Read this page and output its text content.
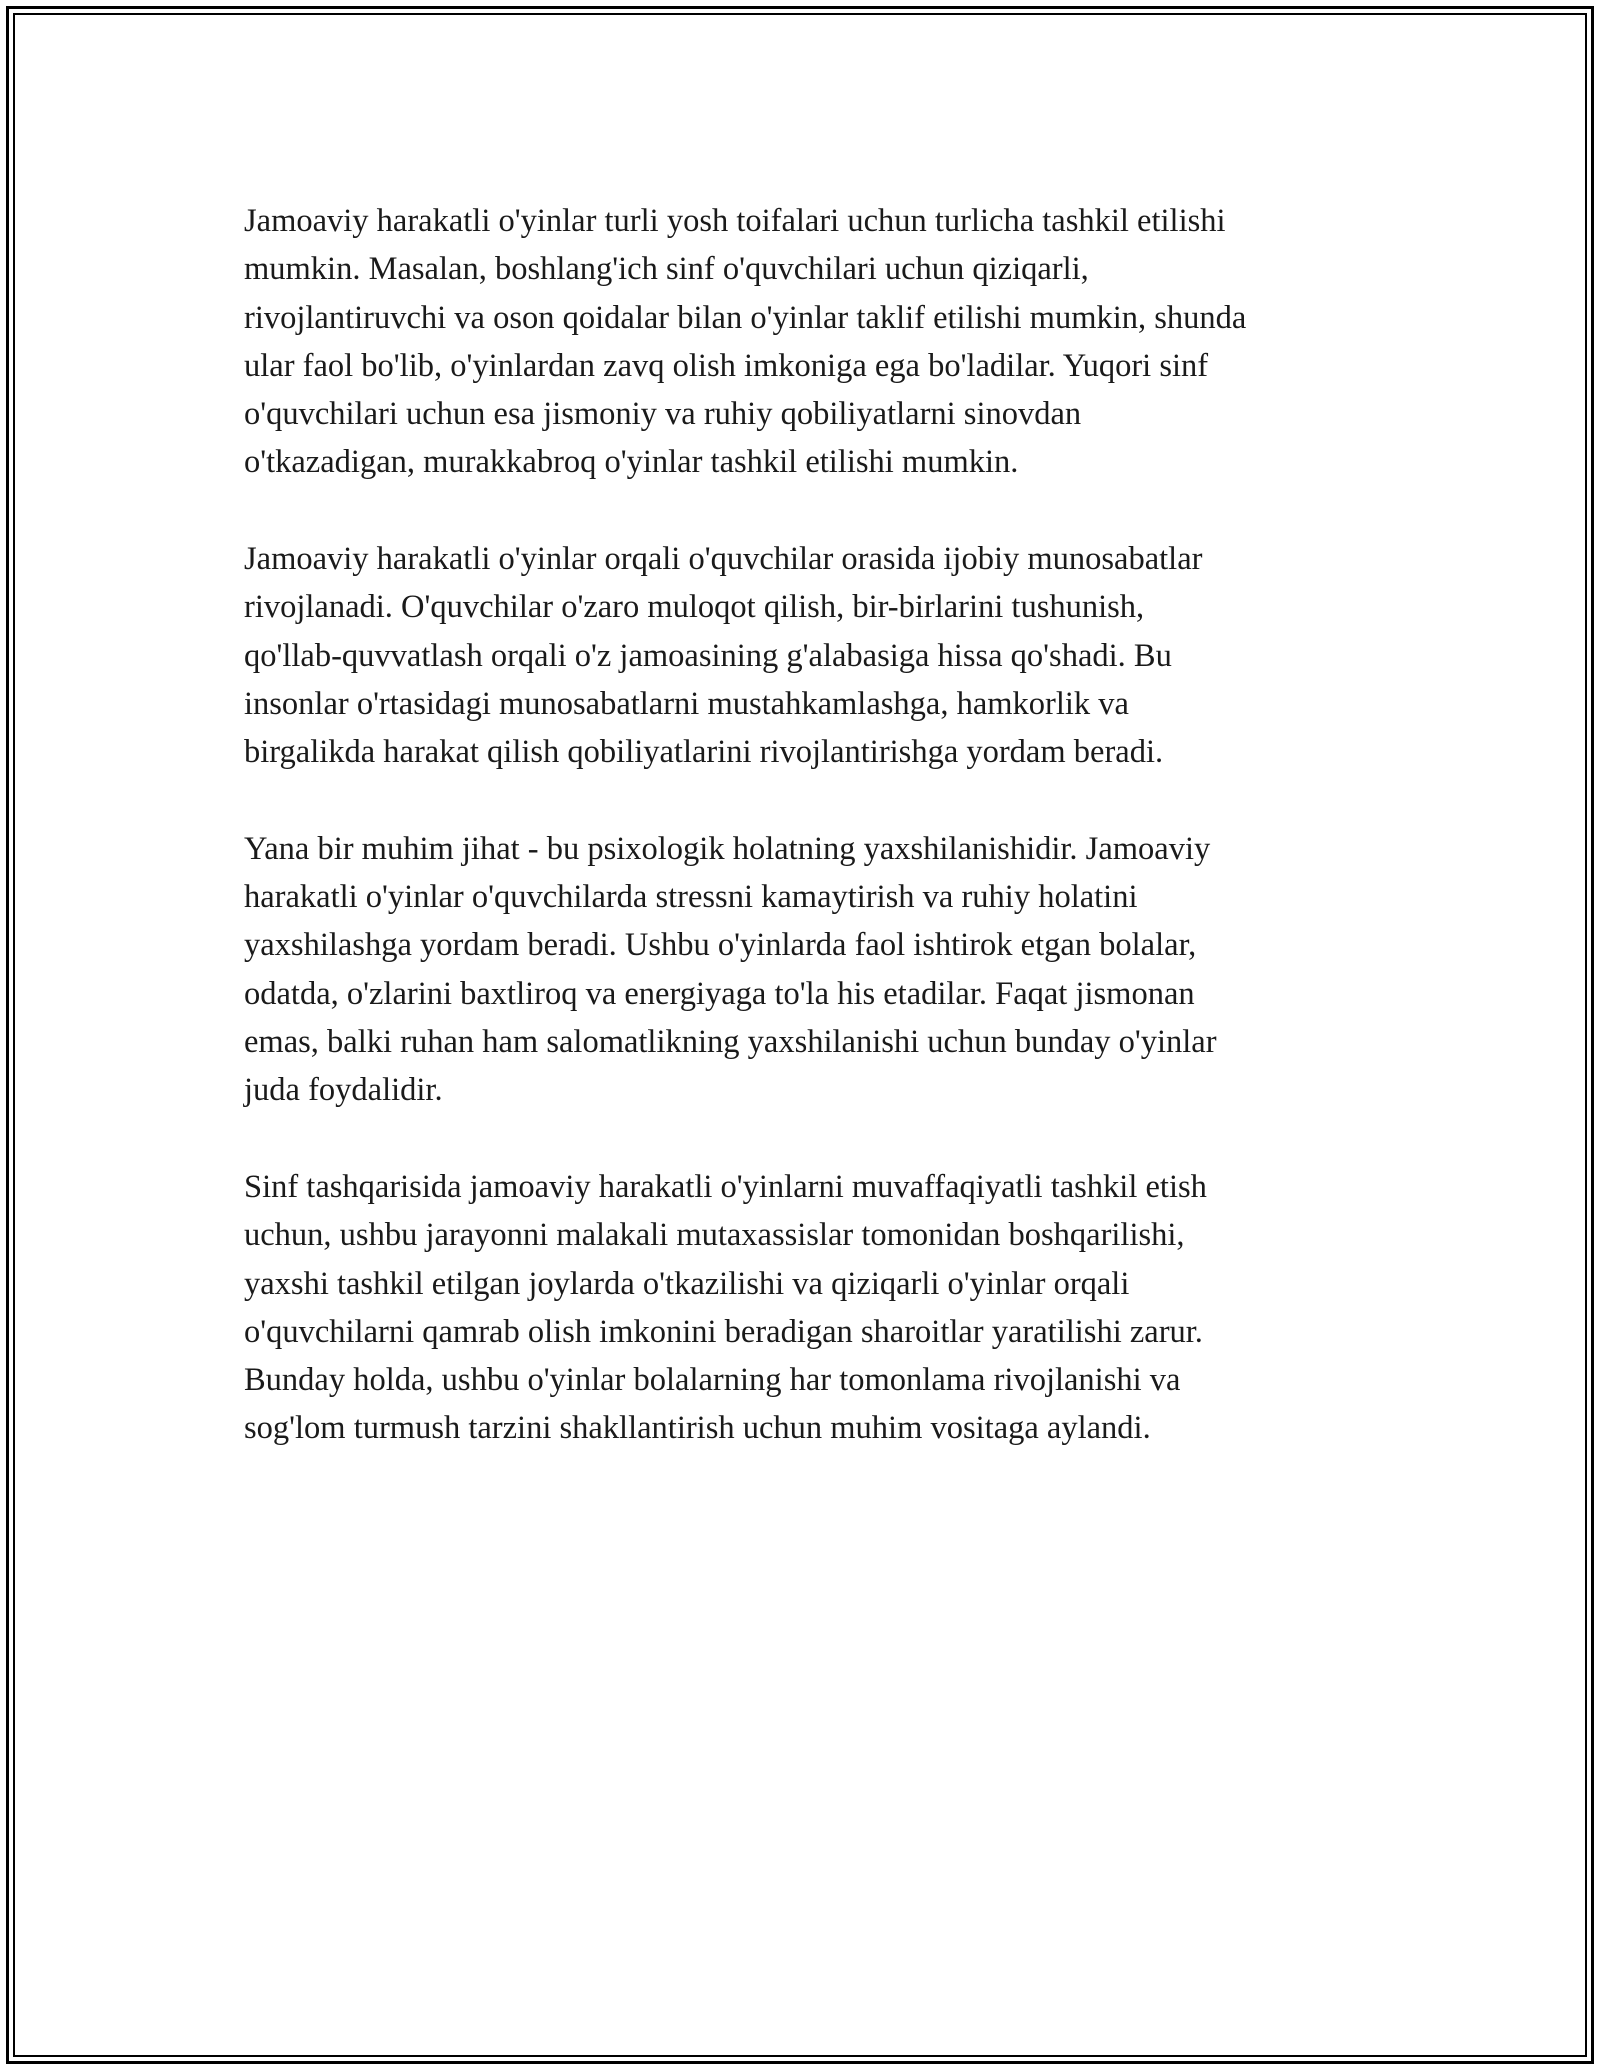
Jamoaviy harakatli o'yinlar turli yosh toifalari uchun turlicha tashkil etilishi
mumkin. Masalan, boshlang'ich sinf o'quvchilari uchun qiziqarli,
rivojlantiruvchi va oson qoidalar bilan o'yinlar taklif etilishi mumkin, shunda
ular faol bo'lib, o'yinlardan zavq olish imkoniga ega bo'ladilar. Yuqori sinf
o'quvchilari uchun esa jismoniy va ruhiy qobiliyatlarni sinovdan
o'tkazadigan, murakkabroq o'yinlar tashkil etilishi mumkin.

Jamoaviy harakatli o'yinlar orqali o'quvchilar orasida ijobiy munosabatlar
rivojlanadi. O'quvchilar o'zaro muloqot qilish, bir-birlarini tushunish,
qo'llab-quvvatlash orqali o'z jamoasining g'alabasiga hissa qo'shadi. Bu
insonlar o'rtasidagi munosabatlarni mustahkamlashga, hamkorlik va
birgalikda harakat qilish qobiliyatlarini rivojlantirishga yordam beradi.

Yana bir muhim jihat - bu psixologik holatning yaxshilanishidir. Jamoaviy
harakatli o'yinlar o'quvchilarda stressni kamaytirish va ruhiy holatini
yaxshilashga yordam beradi. Ushbu o'yinlarda faol ishtirok etgan bolalar,
odatda, o'zlarini baxtliroq va energiyaga to'la his etadilar. Faqat jismonan
emas, balki ruhan ham salomatlikning yaxshilanishi uchun bunday o'yinlar
juda foydalidir.

Sinf tashqarisida jamoaviy harakatli o'yinlarni muvaffaqiyatli tashkil etish
uchun, ushbu jarayonni malakali mutaxassislar tomonidan boshqarilishi,
yaxshi tashkil etilgan joylarda o'tkazilishi va qiziqarli o'yinlar orqali
o'quvchilarni qamrab olish imkonini beradigan sharoitlar yaratilishi zarur.
Bunday holda, ushbu o'yinlar bolalarning har tomonlama rivojlanishi va
sog'lom turmush tarzini shakllantirish uchun muhim vositaga aylandi.
